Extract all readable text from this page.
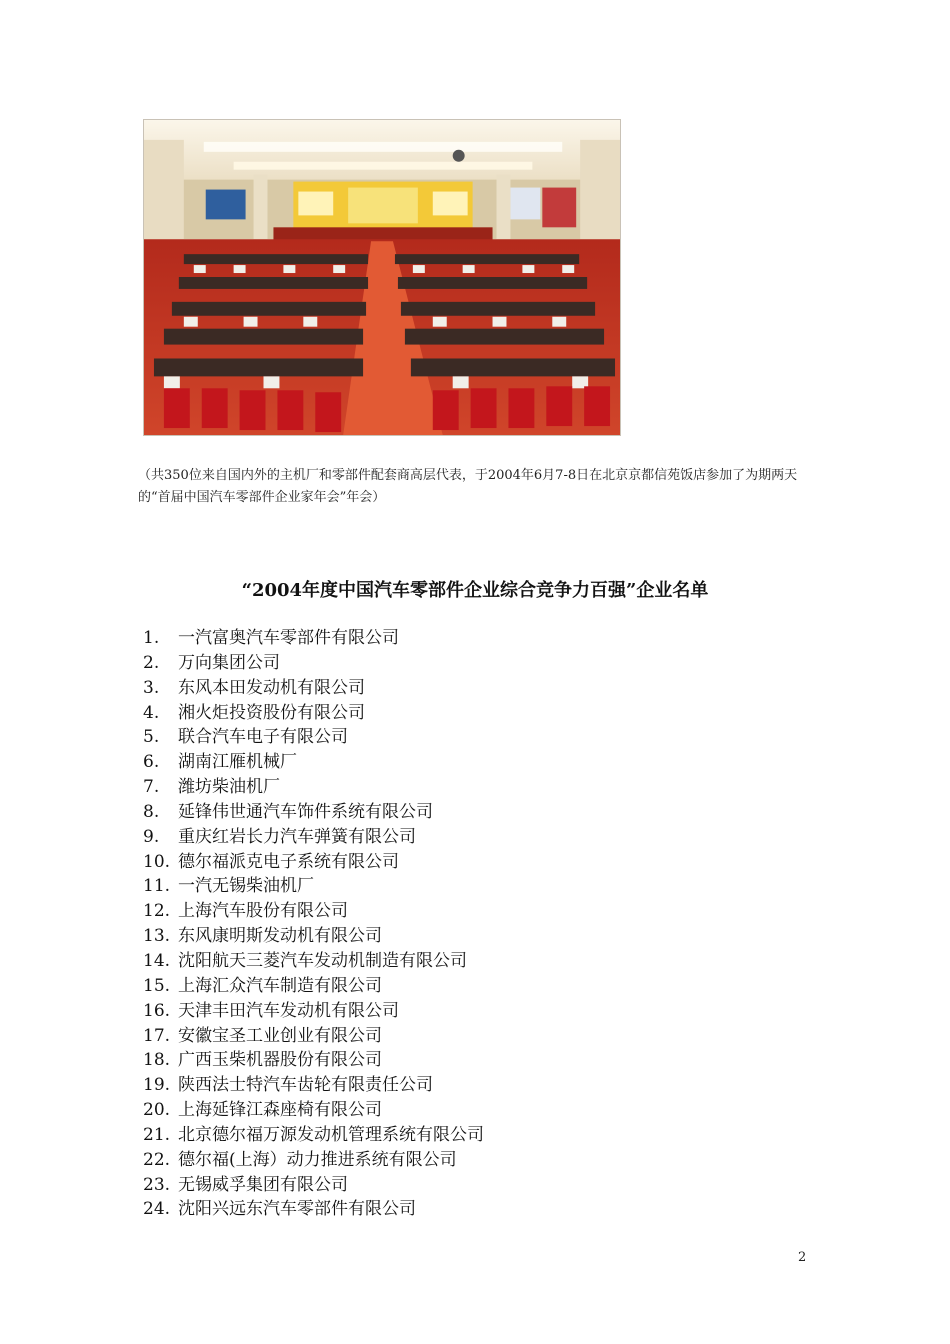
（共350位来自国内外的主机厂和零部件配套商高层代表，于2004年6月7-8日在北京京都信苑饭店参加了为期两天的“首届中国汽车零部件企业家年会”年会）

“2004年度中国汽车零部件企业综合竞争力百强”企业名单
1. 一汽富奥汽车零部件有限公司
2. 万向集团公司
3. 东风本田发动机有限公司
4. 湘火炬投资股份有限公司
5. 联合汽车电子有限公司
6. 湖南江雁机械厂
7. 潍坊柴油机厂
8. 延锋伟世通汽车饰件系统有限公司
9. 重庆红岩长力汽车弹簧有限公司
10. 德尔福派克电子系统有限公司
11. 一汽无锡柴油机厂
12. 上海汽车股份有限公司
13. 东风康明斯发动机有限公司
14. 沈阳航天三菱汽车发动机制造有限公司
15. 上海汇众汽车制造有限公司
16. 天津丰田汽车发动机有限公司
17. 安徽宝圣工业创业有限公司
18. 广西玉柴机器股份有限公司
19. 陕西法士特汽车齿轮有限责任公司
20. 上海延锋江森座椅有限公司
21. 北京德尔福万源发动机管理系统有限公司
22. 德尔福(上海）动力推进系统有限公司
23. 无锡威孚集团有限公司
24. 沈阳兴远东汽车零部件有限公司
2
